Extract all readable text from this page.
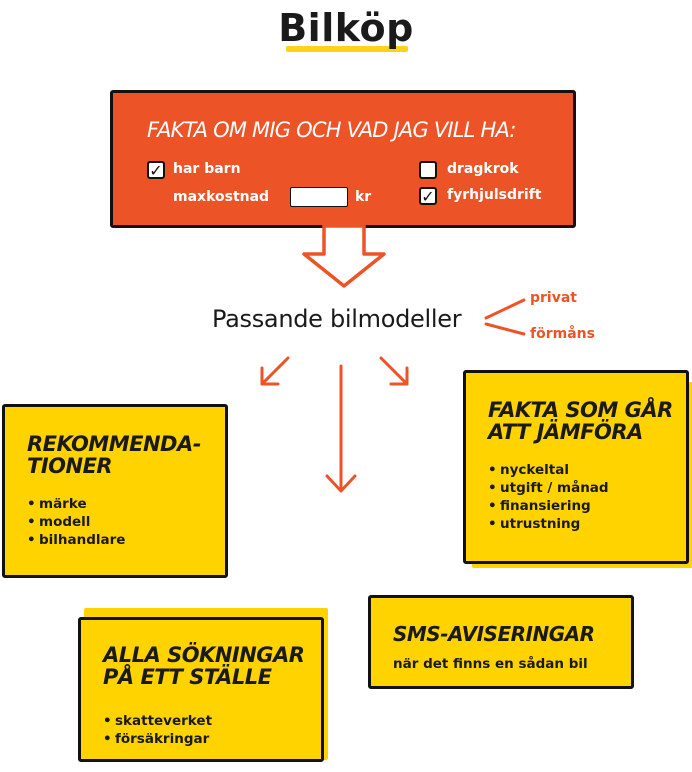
Bilköp
FAKTA OM MIG OCH VAD JAG VILL HA:
✓ har barn
maxkostnad	kr
dragkrok
✓ fyrhjulsdrift
Passande bilmodeller
privat
förmåns
REKOMMENDA-TIONER
• märke
• modell
• bilhandlare
FAKTA SOM GÅR ATT JÄMFÖRA
• nyckeltal
• utgift / månad
• finansiering
• utrustning
SMS-AVISERINGAR
när det finns en sådan bil
ALLA SÖKNINGAR PÅ ETT STÄLLE
• skatteverket
• försäkringar
